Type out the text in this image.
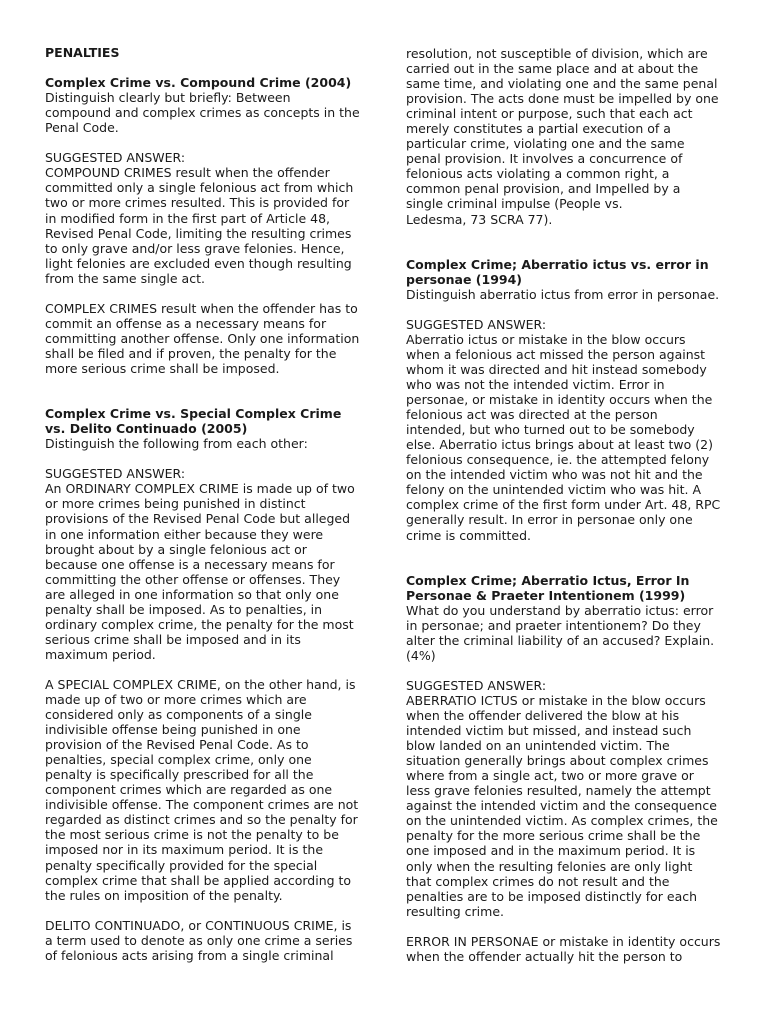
PENALTIES
Complex Crime vs. Compound Crime (2004)
Distinguish clearly but briefly: Between
compound and complex crimes as concepts in the
Penal Code.
SUGGESTED ANSWER:
COMPOUND CRIMES result when the offender
committed only a single felonious act from which
two or more crimes resulted. This is provided for
in modified form in the first part of Article 48,
Revised Penal Code, limiting the resulting crimes
to only grave and/or less grave felonies. Hence,
light felonies are excluded even though resulting
from the same single act.
COMPLEX CRIMES result when the offender has to
commit an offense as a necessary means for
committing another offense. Only one information
shall be filed and if proven, the penalty for the
more serious crime shall be imposed.
Complex Crime vs. Special Complex Crime
vs. Delito Continuado (2005)
Distinguish the following from each other:
SUGGESTED ANSWER:
An ORDINARY COMPLEX CRIME is made up of two
or more crimes being punished in distinct
provisions of the Revised Penal Code but alleged
in one information either because they were
brought about by a single felonious act or
because one offense is a necessary means for
committing the other offense or offenses. They
are alleged in one information so that only one
penalty shall be imposed. As to penalties, in
ordinary complex crime, the penalty for the most
serious crime shall be imposed and in its
maximum period.
A SPECIAL COMPLEX CRIME, on the other hand, is
made up of two or more crimes which are
considered only as components of a single
indivisible offense being punished in one
provision of the Revised Penal Code. As to
penalties, special complex crime, only one
penalty is specifically prescribed for all the
component crimes which are regarded as one
indivisible offense. The component crimes are not
regarded as distinct crimes and so the penalty for
the most serious crime is not the penalty to be
imposed nor in its maximum period. It is the
penalty specifically provided for the special
complex crime that shall be applied according to
the rules on imposition of the penalty.
DELITO CONTINUADO, or CONTINUOUS CRIME, is
a term used to denote as only one crime a series
of felonious acts arising from a single criminal
resolution, not susceptible of division, which are
carried out in the same place and at about the
same time, and violating one and the same penal
provision. The acts done must be impelled by one
criminal intent or purpose, such that each act
merely constitutes a partial execution of a
particular crime, violating one and the same
penal provision. It involves a concurrence of
felonious acts violating a common right, a
common penal provision, and Impelled by a
single criminal impulse (People vs.
Ledesma, 73 SCRA 77).
Complex Crime; Aberratio ictus vs. error in
personae (1994)
Distinguish aberratio ictus from error in personae.
SUGGESTED ANSWER:
Aberratio ictus or mistake in the blow occurs
when a felonious act missed the person against
whom it was directed and hit instead somebody
who was not the intended victim. Error in
personae, or mistake in identity occurs when the
felonious act was directed at the person
intended, but who turned out to be somebody
else. Aberratio ictus brings about at least two (2)
felonious consequence, ie. the attempted felony
on the intended victim who was not hit and the
felony on the unintended victim who was hit. A
complex crime of the first form under Art. 48, RPC
generally result. In error in personae only one
crime is committed.
Complex Crime; Aberratio Ictus, Error In
Personae & Praeter Intentionem (1999)
What do you understand by aberratio ictus: error
in personae; and praeter intentionem? Do they
alter the criminal liability of an accused? Explain.
(4%)
SUGGESTED ANSWER:
ABERRATIO ICTUS or mistake in the blow occurs
when the offender delivered the blow at his
intended victim but missed, and instead such
blow landed on an unintended victim. The
situation generally brings about complex crimes
where from a single act, two or more grave or
less grave felonies resulted, namely the attempt
against the intended victim and the consequence
on the unintended victim. As complex crimes, the
penalty for the more serious crime shall be the
one imposed and in the maximum period. It is
only when the resulting felonies are only light
that complex crimes do not result and the
penalties are to be imposed distinctly for each
resulting crime.
ERROR IN PERSONAE or mistake in identity occurs
when the offender actually hit the person to
